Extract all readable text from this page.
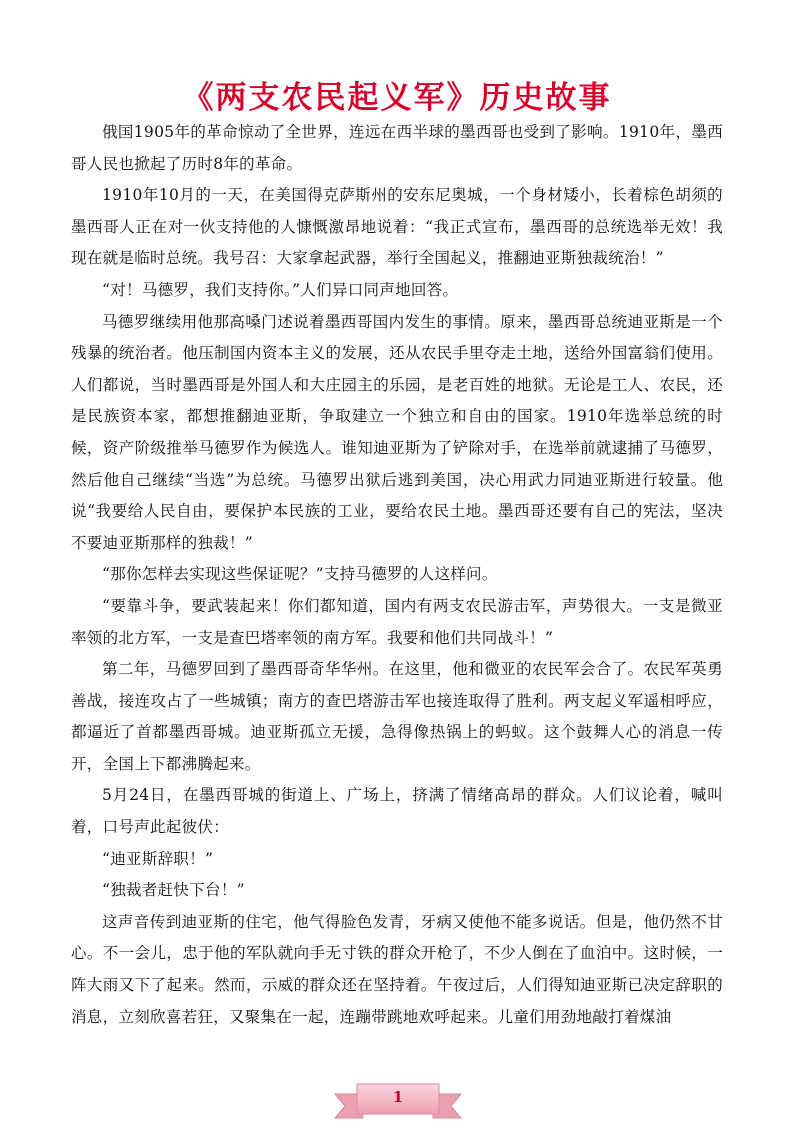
《两支农民起义军》历史故事

俄国1905年的革命惊动了全世界，连远在西半球的墨西哥也受到了影响。1910年，墨西哥人民也掀起了历时8年的革命。

1910年10月的一天，在美国得克萨斯州的安东尼奥城，一个身材矮小，长着棕色胡须的墨西哥人正在对一伙支持他的人慷慨激昂地说着：“我正式宣布，墨西哥的总统选举无效！我现在就是临时总统。我号召：大家拿起武器，举行全国起义，推翻迪亚斯独裁统治！”

“对！马德罗，我们支持你。”人们异口同声地回答。

马德罗继续用他那高嗓门述说着墨西哥国内发生的事情。原来，墨西哥总统迪亚斯是一个残暴的统治者。他压制国内资本主义的发展，还从农民手里夺走土地，送给外国富翁们使用。人们都说，当时墨西哥是外国人和大庄园主的乐园，是老百姓的地狱。无论是工人、农民，还是民族资本家，都想推翻迪亚斯，争取建立一个独立和自由的国家。1910年选举总统的时候，资产阶级推举马德罗作为候选人。谁知迪亚斯为了铲除对手，在选举前就逮捕了马德罗，然后他自己继续“当选”为总统。马德罗出狱后逃到美国，决心用武力同迪亚斯进行较量。他说“我要给人民自由，要保护本民族的工业，要给农民土地。墨西哥还要有自己的宪法，坚决不要迪亚斯那样的独裁！”

“那你怎样去实现这些保证呢？”支持马德罗的人这样问。

“要靠斗争，要武装起来！你们都知道，国内有两支农民游击军，声势很大。一支是微亚率领的北方军，一支是查巴塔率领的南方军。我要和他们共同战斗！”

第二年，马德罗回到了墨西哥奇华华州。在这里，他和微亚的农民军会合了。农民军英勇善战，接连攻占了一些城镇；南方的查巴塔游击军也接连取得了胜利。两支起义军遥相呼应，都逼近了首都墨西哥城。迪亚斯孤立无援，急得像热锅上的蚂蚁。这个鼓舞人心的消息一传开，全国上下都沸腾起来。

5月24日，在墨西哥城的街道上、广场上，挤满了情绪高昂的群众。人们议论着，喊叫着，口号声此起彼伏：

“迪亚斯辞职！”

“独裁者赶快下台！”

这声音传到迪亚斯的住宅，他气得脸色发青，牙病又使他不能多说话。但是，他仍然不甘心。不一会儿，忠于他的军队就向手无寸铁的群众开枪了，不少人倒在了血泊中。这时候，一阵大雨又下了起来。然而，示威的群众还在坚持着。午夜过后，人们得知迪亚斯已决定辞职的消息，立刻欣喜若狂，又聚集在一起，连蹦带跳地欢呼起来。儿童们用劲地敲打着煤油

1
